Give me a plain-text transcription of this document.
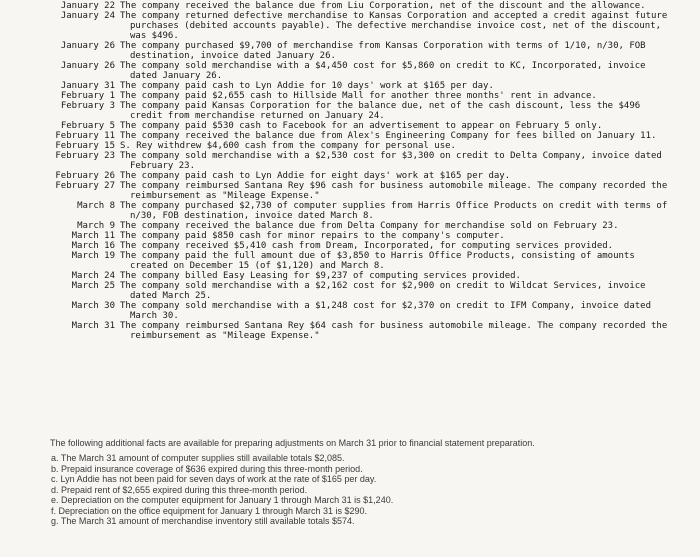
January 22 The company received the balance due from Liu Corporation, net of the discount and the allowance.
January 24 The company returned defective merchandise to Kansas Corporation and accepted a credit against future
purchases (debited accounts payable). The defective merchandise invoice cost, net of the discount,
was $496.
January 26 The company purchased $9,700 of merchandise from Kansas Corporation with terms of 1/10, n/30, FOB
destination, invoice dated January 26.
January 26 The company sold merchandise with a $4,450 cost for $5,860 on credit to KC, Incorporated, invoice
dated January 26.
January 31 The company paid cash to Lyn Addie for 10 days' work at $165 per day.
February 1 The company paid $2,655 cash to Hillside Mall for another three months' rent in advance.
February 3 The company paid Kansas Corporation for the balance due, net of the cash discount, less the $496
credit from merchandise returned on January 24.
February 5 The company paid $530 cash to Facebook for an advertisement to appear on February 5 only.
February 11 The company received the balance due from Alex's Engineering Company for fees billed on January 11.
February 15 S. Rey withdrew $4,600 cash from the company for personal use.
February 23 The company sold merchandise with a $2,530 cost for $3,300 on credit to Delta Company, invoice dated
February 23.
February 26 The company paid cash to Lyn Addie for eight days' work at $165 per day.
February 27 The company reimbursed Santana Rey $96 cash for business automobile mileage. The company recorded the
reimbursement as "Mileage Expense."
March 8 The company purchased $2,730 of computer supplies from Harris Office Products on credit with terms of
n/30, FOB destination, invoice dated March 8.
March 9 The company received the balance due from Delta Company for merchandise sold on February 23.
March 11 The company paid $850 cash for minor repairs to the company's computer.
March 16 The company received $5,410 cash from Dream, Incorporated, for computing services provided.
March 19 The company paid the full amount due of $3,850 to Harris Office Products, consisting of amounts
created on December 15 (of $1,120) and March 8.
March 24 The company billed Easy Leasing for $9,237 of computing services provided.
March 25 The company sold merchandise with a $2,162 cost for $2,900 on credit to Wildcat Services, invoice
dated March 25.
March 30 The company sold merchandise with a $1,248 cost for $2,370 on credit to IFM Company, invoice dated
March 30.
March 31 The company reimbursed Santana Rey $64 cash for business automobile mileage. The company recorded the
reimbursement as "Mileage Expense."

The following additional facts are available for preparing adjustments on March 31 prior to financial statement preparation.

a. The March 31 amount of computer supplies still available totals $2,085.
b. Prepaid insurance coverage of $636 expired during this three-month period.
c. Lyn Addie has not been paid for seven days of work at the rate of $165 per day.
d. Prepaid rent of $2,655 expired during this three-month period.
e. Depreciation on the computer equipment for January 1 through March 31 is $1,240.
f. Depreciation on the office equipment for January 1 through March 31 is $290.
g. The March 31 amount of merchandise inventory still available totals $574.
